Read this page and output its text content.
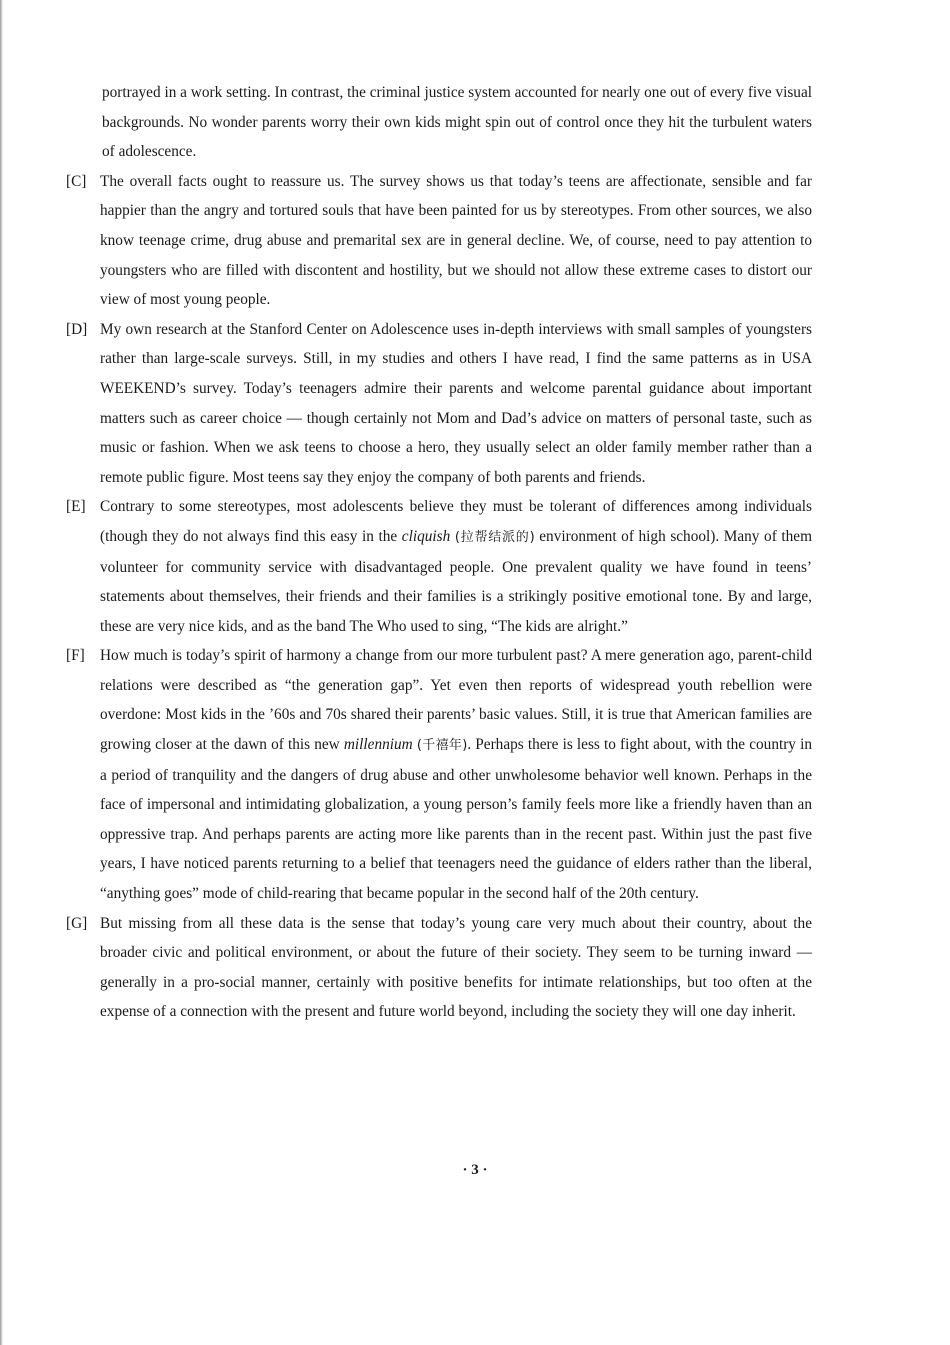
portrayed in a work setting. In contrast, the criminal justice system accounted for nearly one out of every five visual backgrounds. No wonder parents worry their own kids might spin out of control once they hit the turbulent waters of adolescence.

[C] The overall facts ought to reassure us. The survey shows us that today’s teens are affectionate, sensible and far happier than the angry and tortured souls that have been painted for us by stereotypes. From other sources, we also know teenage crime, drug abuse and premarital sex are in general decline. We, of course, need to pay attention to youngsters who are filled with discontent and hostility, but we should not allow these extreme cases to distort our view of most young people.

[D] My own research at the Stanford Center on Adolescence uses in-depth interviews with small samples of youngsters rather than large-scale surveys. Still, in my studies and others I have read, I find the same patterns as in USA WEEKEND’s survey. Today’s teenagers admire their parents and welcome parental guidance about important matters such as career choice — though certainly not Mom and Dad’s advice on matters of personal taste, such as music or fashion. When we ask teens to choose a hero, they usually select an older family member rather than a remote public figure. Most teens say they enjoy the company of both parents and friends.

[E] Contrary to some stereotypes, most adolescents believe they must be tolerant of differences among individuals (though they do not always find this easy in the cliquish (拉帮结派的) environment of high school). Many of them volunteer for community service with disadvantaged people. One prevalent quality we have found in teens’ statements about themselves, their friends and their families is a strikingly positive emotional tone. By and large, these are very nice kids, and as the band The Who used to sing, “The kids are alright.”

[F] How much is today’s spirit of harmony a change from our more turbulent past? A mere generation ago, parent-child relations were described as “the generation gap”. Yet even then reports of widespread youth rebellion were overdone: Most kids in the ’60s and 70s shared their parents’ basic values. Still, it is true that American families are growing closer at the dawn of this new millennium (千禧年). Perhaps there is less to fight about, with the country in a period of tranquility and the dangers of drug abuse and other unwholesome behavior well known. Perhaps in the face of impersonal and intimidating globalization, a young person’s family feels more like a friendly haven than an oppressive trap. And perhaps parents are acting more like parents than in the recent past. Within just the past five years, I have noticed parents returning to a belief that teenagers need the guidance of elders rather than the liberal, “anything goes” mode of child-rearing that became popular in the second half of the 20th century.

[G] But missing from all these data is the sense that today’s young care very much about their country, about the broader civic and political environment, or about the future of their society. They seem to be turning inward — generally in a pro-social manner, certainly with positive benefits for intimate relationships, but too often at the expense of a connection with the present and future world beyond, including the society they will one day inherit.

· 3 ·
